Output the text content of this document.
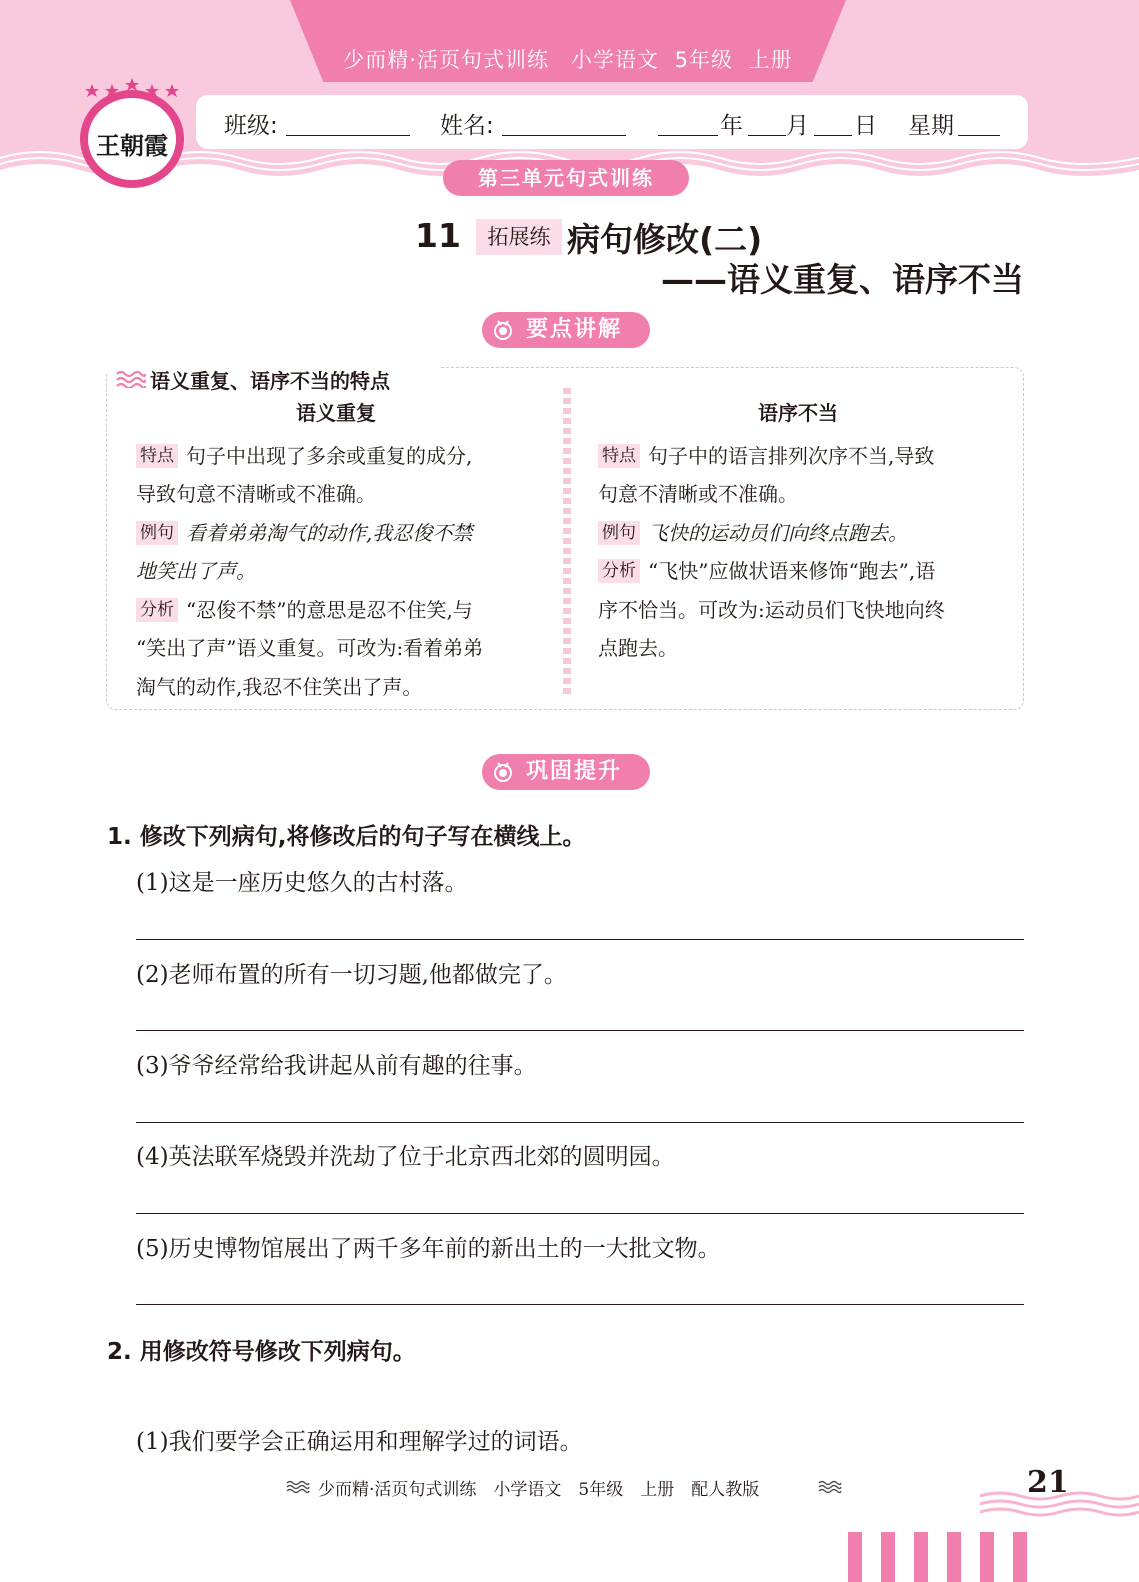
少而精·活页句式训练　小学语文 5年级 上册
王朝霞
班级:	姓名:	年 月 日 星期
第三单元句式训练
11	拓展练 病句修改(二)
——语义重复、语序不当
要点讲解
语义重复、语序不当的特点
语义重复
特点 句子中出现了多余或重复的成分,
导致句意不清晰或不准确。
例句 看着弟弟淘气的动作,我忍俊不禁
地笑出了声。
分析 “忍俊不禁”的意思是忍不住笑,与
“笑出了声”语义重复。可改为:看着弟弟
淘气的动作,我忍不住笑出了声。
语序不当
特点 句子中的语言排列次序不当,导致
句意不清晰或不准确。
例句 飞快的运动员们向终点跑去。
分析 “飞快”应做状语来修饰“跑去”,语
序不恰当。可改为:运动员们飞快地向终
点跑去。
巩固提升
1. 修改下列病句,将修改后的句子写在横线上。
(1)这是一座历史悠久的古村落。
(2)老师布置的所有一切习题,他都做完了。
(3)爷爷经常给我讲起从前有趣的往事。
(4)英法联军烧毁并洗劫了位于北京西北郊的圆明园。
(5)历史博物馆展出了两千多年前的新出土的一大批文物。
2. 用修改符号修改下列病句。
(1)我们要学会正确运用和理解学过的词语。
少而精·活页句式训练　小学语文　5年级　上册　配人教版	21
